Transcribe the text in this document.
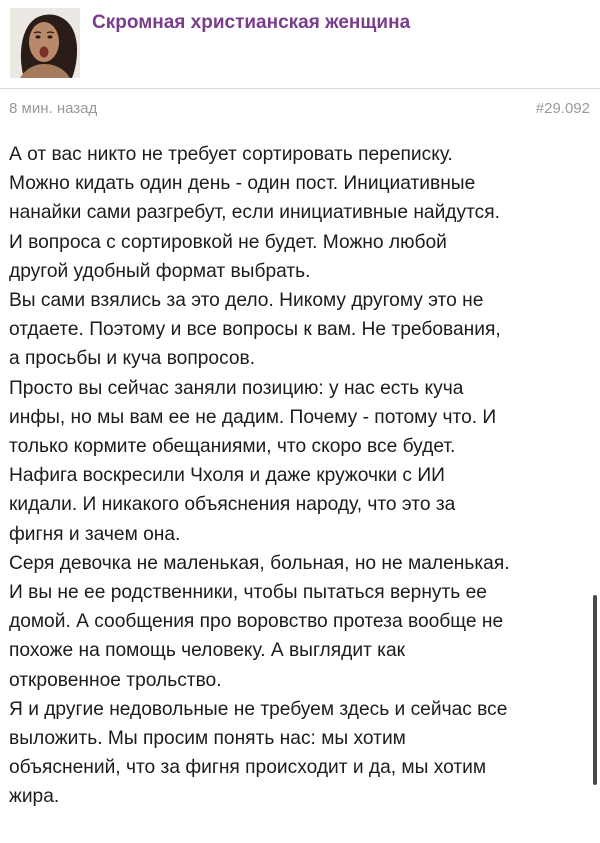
Скромная христианская женщина
8 мин. назад	#29.092
А от вас никто не требует сортировать переписку.
Можно кидать один день - один пост. Инициативные
нанайки сами разгребут, если инициативные найдутся.
И вопроса с сортировкой не будет. Можно любой
другой удобный формат выбрать.
Вы сами взялись за это дело. Никому другому это не
отдаете. Поэтому и все вопросы к вам. Не требования,
а просьбы и куча вопросов.
Просто вы сейчас заняли позицию: у нас есть куча
инфы, но мы вам ее не дадим. Почему - потому что. И
только кормите обещаниями, что скоро все будет.
Нафига воскресили Чхоля и даже кружочки с ИИ
кидали. И никакого объяснения народу, что это за
фигня и зачем она.
Серя девочка не маленькая, больная, но не маленькая.
И вы не ее родственники, чтобы пытаться вернуть ее
домой. А сообщения про воровство протеза вообще не
похоже на помощь человеку. А выглядит как
откровенное трольство.
Я и другие недовольные не требуем здесь и сейчас все
выложить. Мы просим понять нас: мы хотим
объяснений, что за фигня происходит и да, мы хотим
жира.
